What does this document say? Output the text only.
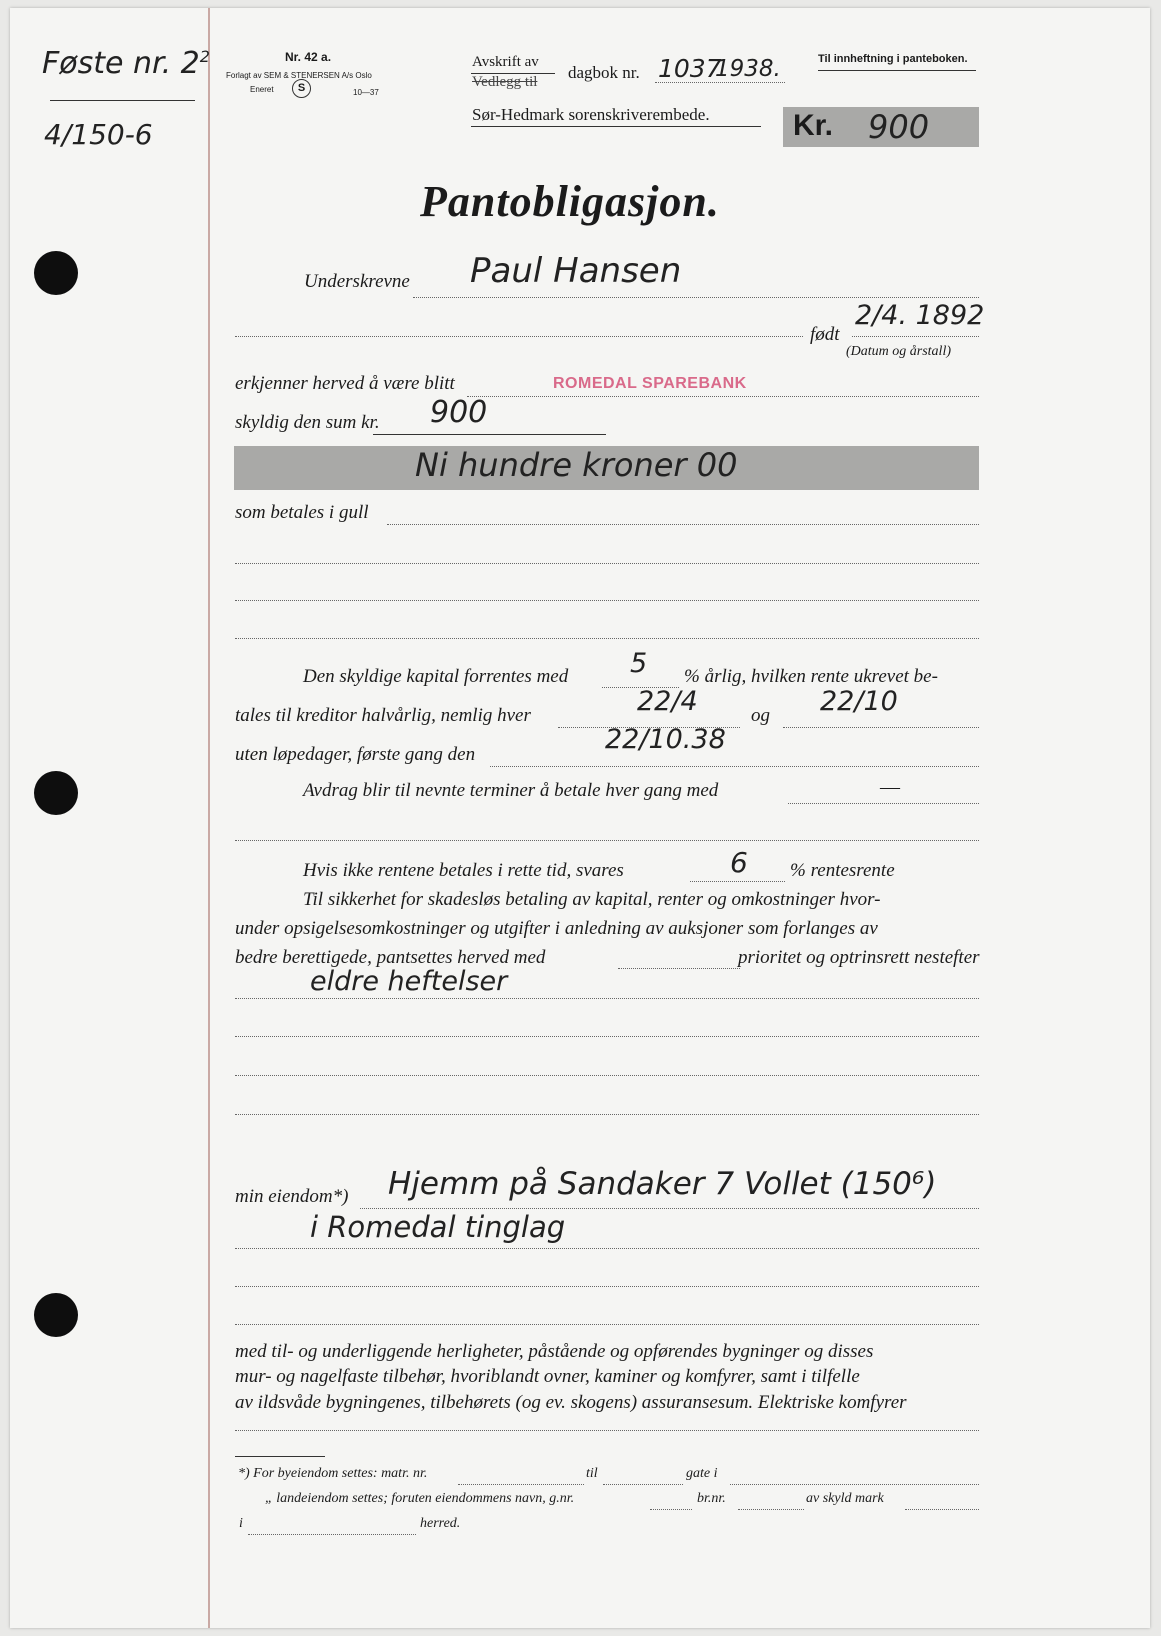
Føste nr. $2^2$
4/150-6
Nr. 42 a.
Forlagt av SEM & STENERSEN A/s Oslo
Eneret	S	10—37
Avskrift av
Vedlegg til dagbok nr. 1037
1938.
Sør-Hedmark sorenskriverembede.
Til innheftning i panteboken.
Kr. 900
Pantobligasjon.
Underskrevne Paul Hansen
født
2/4. 1892
(Datum og årstall)
erkjenner herved å være blitt	ROMEDAL SPAREBANK
skyldig den sum kr. 900
Ni hundre kroner 00
som betales i gull
Den skyldige kapital forrentes med 5 % årlig, hvilken rente ukrevet be-
tales til kreditor halvårlig, nemlig hver	22/4	og 22/10
uten løpedager, første gang den	22/10.38
Avdrag blir til nevnte terminer å betale hver gang med	—
Hvis ikke rentene betales i rette tid, svares	6 % rentesrente
Til sikkerhet for skadesløs betaling av kapital, renter og omkostninger hvor-
under opsigelsesomkostninger og utgifter i anledning av auksjoner som forlanges av
bedre berettigede, pantsettes herved med	prioritet og optrinsrett nestefter
eldre heftelser
min eiendom*) Hjemm på Sandaker 7 Vollet (150⁶)
i Romedal tinglag
med til- og underliggende herligheter, påstående og opførendes bygninger og disses
mur- og nagelfaste tilbehør, hvoriblandt ovner, kaminer og komfyrer, samt i tilfelle
av ildsvåde bygningenes, tilbehørets (og ev. skogens) assuransesum. Elektriske komfyrer
*) For byeiendom settes: matr. nr.	til	gate i
„ landeiendom settes; foruten eiendommens navn, g.nr.	br.nr.	av skyld mark
i	herred.
